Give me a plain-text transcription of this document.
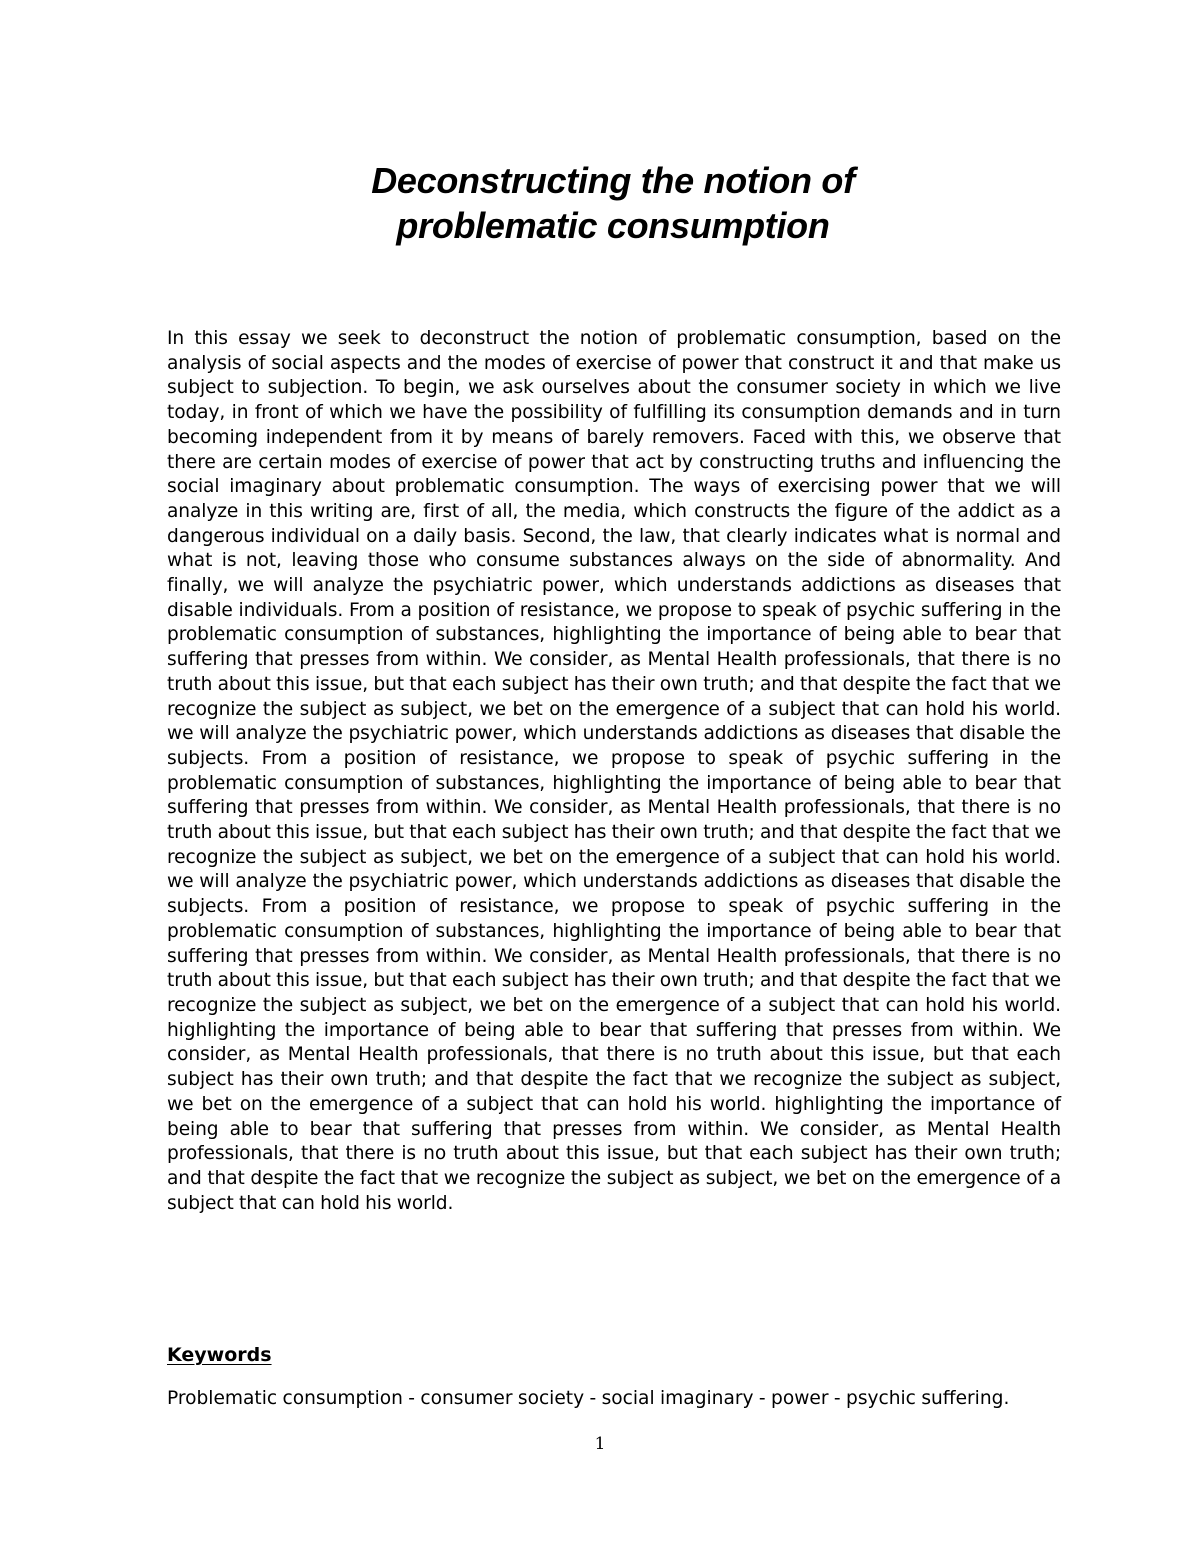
Deconstructing the notion of
problematic consumption

In this essay we seek to deconstruct the notion of problematic consumption, based on the analysis of social aspects and the modes of exercise of power that construct it and that make us subject to subjection. To begin, we ask ourselves about the consumer society in which we live today, in front of which we have the possibility of fulfilling its consumption demands and in turn becoming independent from it by means of barely removers. Faced with this, we observe that there are certain modes of exercise of power that act by constructing truths and influencing the social imaginary about problematic consumption. The ways of exercising power that we will analyze in this writing are, first of all, the media, which constructs the figure of the addict as a dangerous individual on a daily basis. Second, the law, that clearly indicates what is normal and what is not, leaving those who consume substances always on the side of abnormality. And finally, we will analyze the psychiatric power, which understands addictions as diseases that disable individuals. From a position of resistance, we propose to speak of psychic suffering in the problematic consumption of substances, highlighting the importance of being able to bear that suffering that presses from within. We consider, as Mental Health professionals, that there is no truth about this issue, but that each subject has their own truth; and that despite the fact that we recognize the subject as subject, we bet on the emergence of a subject that can hold his world. we will analyze the psychiatric power, which understands addictions as diseases that disable the subjects. From a position of resistance, we propose to speak of psychic suffering in the problematic consumption of substances, highlighting the importance of being able to bear that suffering that presses from within. We consider, as Mental Health professionals, that there is no truth about this issue, but that each subject has their own truth; and that despite the fact that we recognize the subject as subject, we bet on the emergence of a subject that can hold his world. we will analyze the psychiatric power, which understands addictions as diseases that disable the subjects. From a position of resistance, we propose to speak of psychic suffering in the problematic consumption of substances, highlighting the importance of being able to bear that suffering that presses from within. We consider, as Mental Health professionals, that there is no truth about this issue, but that each subject has their own truth; and that despite the fact that we recognize the subject as subject, we bet on the emergence of a subject that can hold his world. highlighting the importance of being able to bear that suffering that presses from within. We consider, as Mental Health professionals, that there is no truth about this issue, but that each subject has their own truth; and that despite the fact that we recognize the subject as subject, we bet on the emergence of a subject that can hold his world. highlighting the importance of being able to bear that suffering that presses from within. We consider, as Mental Health professionals, that there is no truth about this issue, but that each subject has their own truth; and that despite the fact that we recognize the subject as subject, we bet on the emergence of a subject that can hold his world.

Keywords

Problematic consumption - consumer society - social imaginary - power - psychic suffering.

1
